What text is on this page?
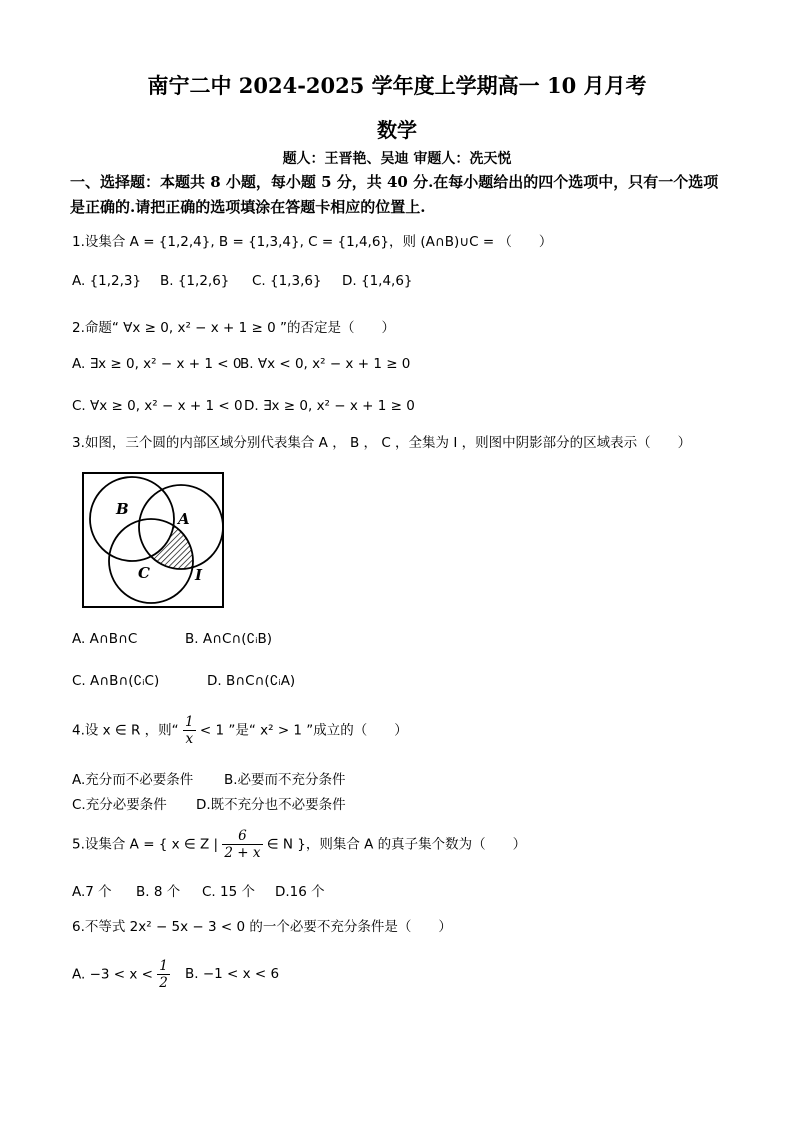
南宁二中 2024-2025 学年度上学期高一 10 月月考
数学
题人：王晋艳、吴迪 审题人：冼天悦
一、选择题：本题共 8 小题，每小题 5 分，共 40 分.在每小题给出的四个选项中，只有一个选项是正确的.请把正确的选项填涂在答题卡相应的位置上.
1.设集合 A = {1,2,4}, B = {1,3,4}, C = {1,4,6}，则 (A∩B)∪C = （　　）
A. {1,2,3} B. {1,2,6} C. {1,3,6} D. {1,4,6}
2.命题“ ∀x ≥ 0, x² − x + 1 ≥ 0 ”的否定是（　　）
A. ∃x ≥ 0, x² − x + 1 < 0
B. ∀x < 0, x² − x + 1 ≥ 0
C. ∀x ≥ 0, x² − x + 1 < 0 D. ∃x ≥ 0, x² − x + 1 ≥ 0
3.如图，三个圆的内部区域分别代表集合 A ， B ， C ，全集为 I ，则图中阴影部分的区域表示（　　）
B
A
C	I
A. A∩B∩C	B. A∩C∩(∁ᵢB)
C. A∩B∩(∁ᵢC)	D. B∩C∩(∁ᵢA)
4.设 x ∈ R ，则“ $\frac{1}{x} < 1$ ”是“ x² > 1 ”成立的（　　）
A.充分而不必要条件 B.必要而不充分条件
C.充分必要条件 D.既不充分也不必要条件
5.设集合 A = { x ∈ Z | $\frac{6}{2 + x}$ ∈ N }，则集合 A 的真子集个数为（　　）
A.7 个 B. 8 个 C. 15 个 D.16 个
6.不等式 2x² − 5x − 3 < 0 的一个必要不充分条件是（　　）
A. $-3 < x < \frac{1}{2} B$. −1 < x < 6
